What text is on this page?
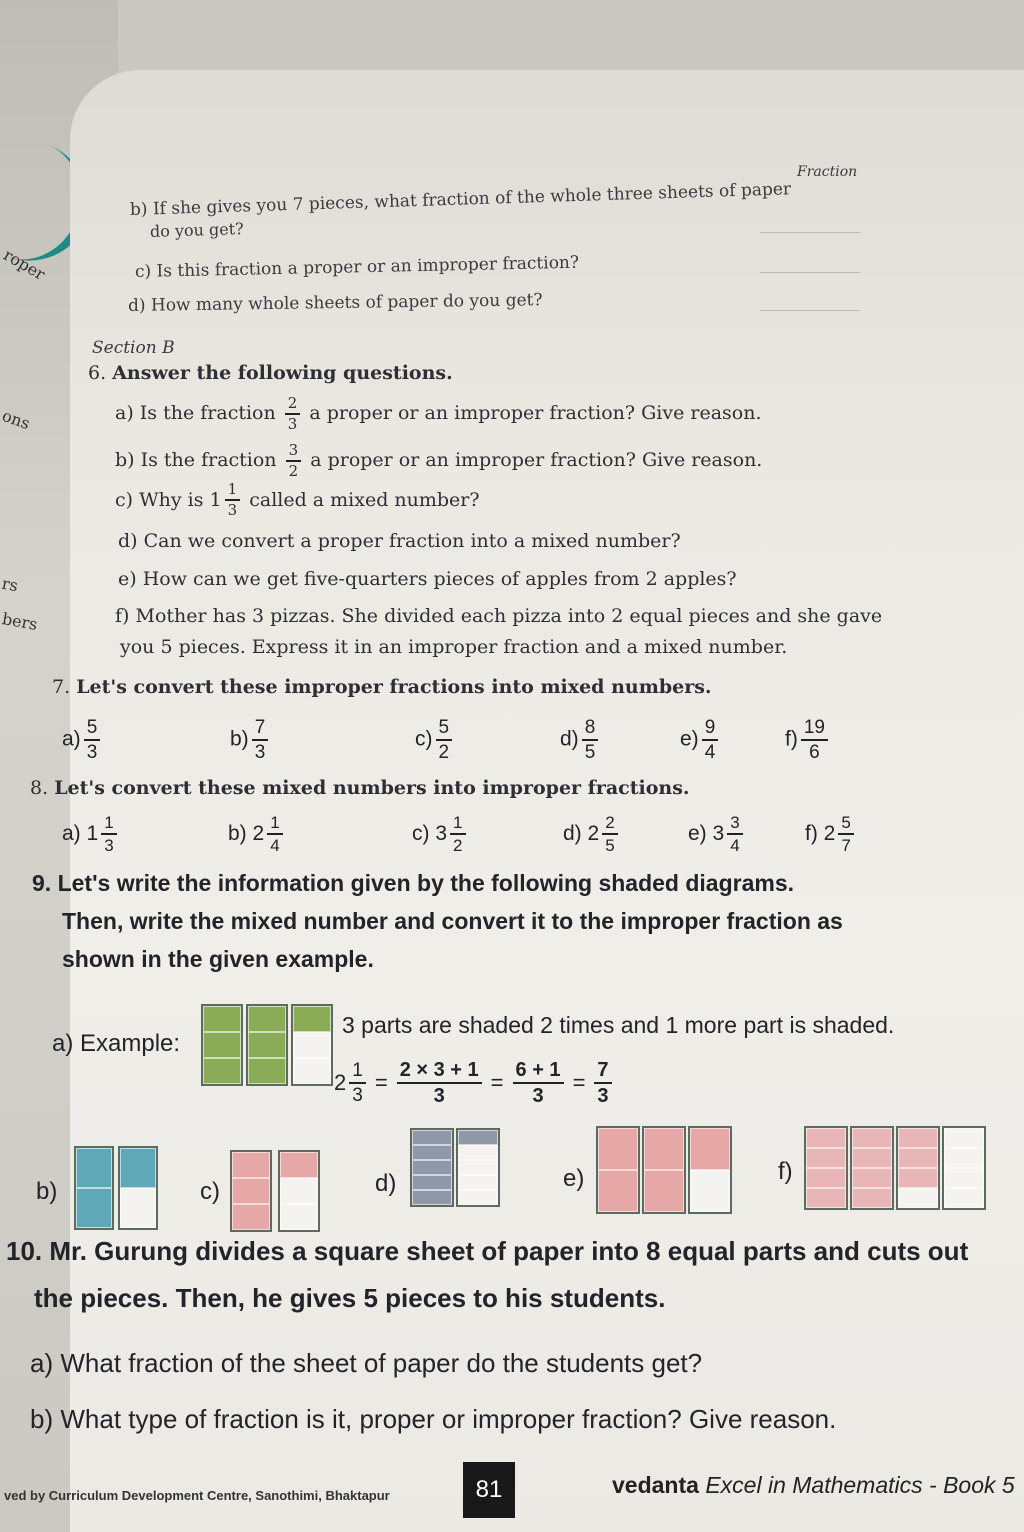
roper
ons
rs
bers
Fraction
b) If she gives you 7 pieces, what fraction of the whole three sheets of paper
do you get?
c) Is this fraction a proper or an improper fraction?
d) How many whole sheets of paper do you get?
Section B
6. Answer the following questions.
a) Is the fraction $\frac{2}{3}$ a proper or an improper fraction? Give reason.
b) Is the fraction $\frac{3}{2}$ a proper or an improper fraction? Give reason.
c) Why is $1 \frac{1}{3}$ called a mixed number?
d) Can we convert a proper fraction into a mixed number?
e) How can we get five-quarters pieces of apples from 2 apples?
f) Mother has 3 pizzas. She divided each pizza into 2 equal pieces and she gave
you 5 pieces. Express it in an improper fraction and a mixed number.
7. Let's convert these improper fractions into mixed numbers.
$a) \frac{5}{3}$	$b) \frac{7}{3}$	$c) \frac{5}{2}$	$d) \frac{8}{5}$	$e) \frac{9}{4}$	$f) \frac{19}{6}$
8. Let's convert these mixed numbers into improper fractions.
a) $1 \frac{1}{3}$	b) $2 \frac{1}{4}$	c) $3 \frac{1}{2}$	d) $2 \frac{2}{5}$	e) $3 \frac{3}{4}$	f) $2 \frac{5}{7}$
9. Let's write the information given by the following shaded diagrams.
Then, write the mixed number and convert it to the improper fraction as
shown in the given example.
a) Example:
3 parts are shaded 2 times and 1 more part is shaded.
$2 \frac{1}{3} = \frac{2 \times 3 + 1}{3} = \frac{6 + 1}{3} = \frac{7}{3}$
b)	c)	d)	e)	f)
10. Mr. Gurung divides a square sheet of paper into 8 equal parts and cuts out
the pieces. Then, he gives 5 pieces to his students.
a) What fraction of the sheet of paper do the students get?
b) What type of fraction is it, proper or improper fraction? Give reason.
ved by Curriculum Development Centre, Sanothimi, Bhaktapur	81	vedanta Excel in Mathematics - Book 5
